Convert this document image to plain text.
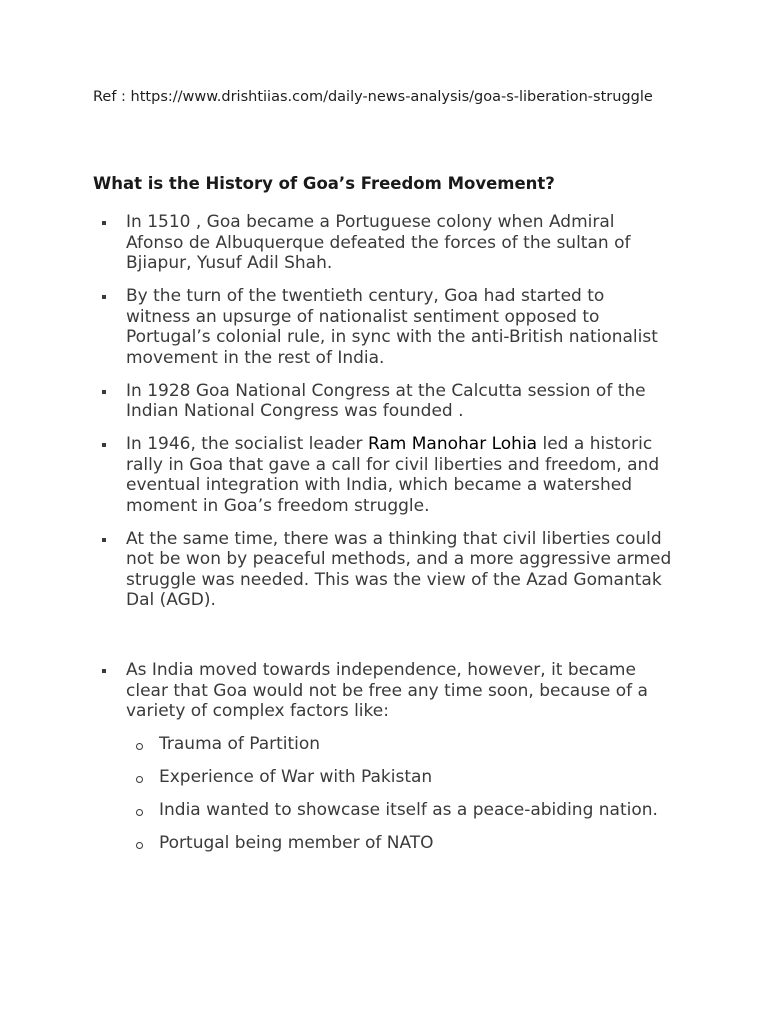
Ref : https://www.drishtiias.com/daily-news-analysis/goa-s-liberation-struggle
What is the History of Goa’s Freedom Movement?
In 1510 , Goa became a Portuguese colony when Admiral Afonso de Albuquerque defeated the forces of the sultan of Bjiapur, Yusuf Adil Shah.
By the turn of the twentieth century, Goa had started to witness an upsurge of nationalist sentiment opposed to Portugal’s colonial rule, in sync with the anti-British nationalist movement in the rest of India.
In 1928 Goa National Congress at the Calcutta session of the Indian National Congress was founded .
In 1946, the socialist leader Ram Manohar Lohia led a historic rally in Goa that gave a call for civil liberties and freedom, and eventual integration with India, which became a watershed moment in Goa’s freedom struggle.
At the same time, there was a thinking that civil liberties could not be won by peaceful methods, and a more aggressive armed struggle was needed. This was the view of the Azad Gomantak Dal (AGD).
As India moved towards independence, however, it became clear that Goa would not be free any time soon, because of a variety of complex factors like:
Trauma of Partition
Experience of War with Pakistan
India wanted to showcase itself as a peace-abiding nation.
Portugal being member of NATO
